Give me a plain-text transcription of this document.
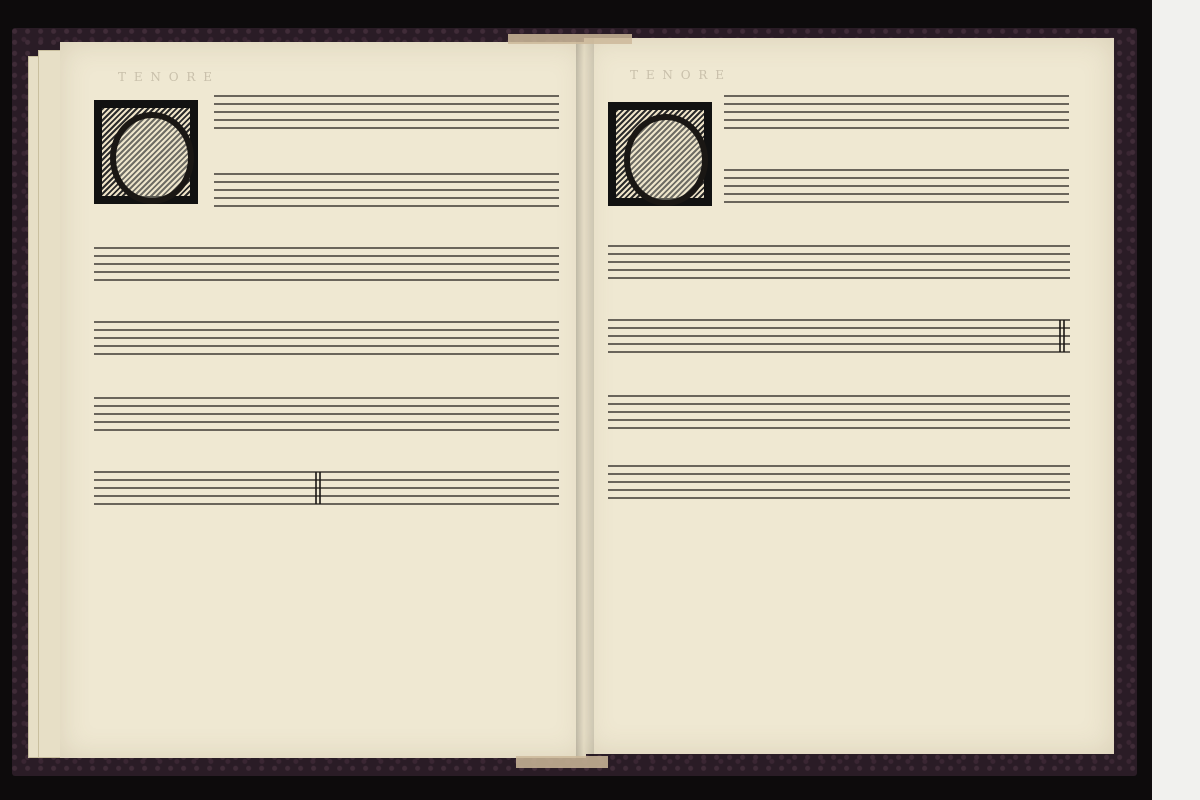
T E N O R E	T E N O R E
